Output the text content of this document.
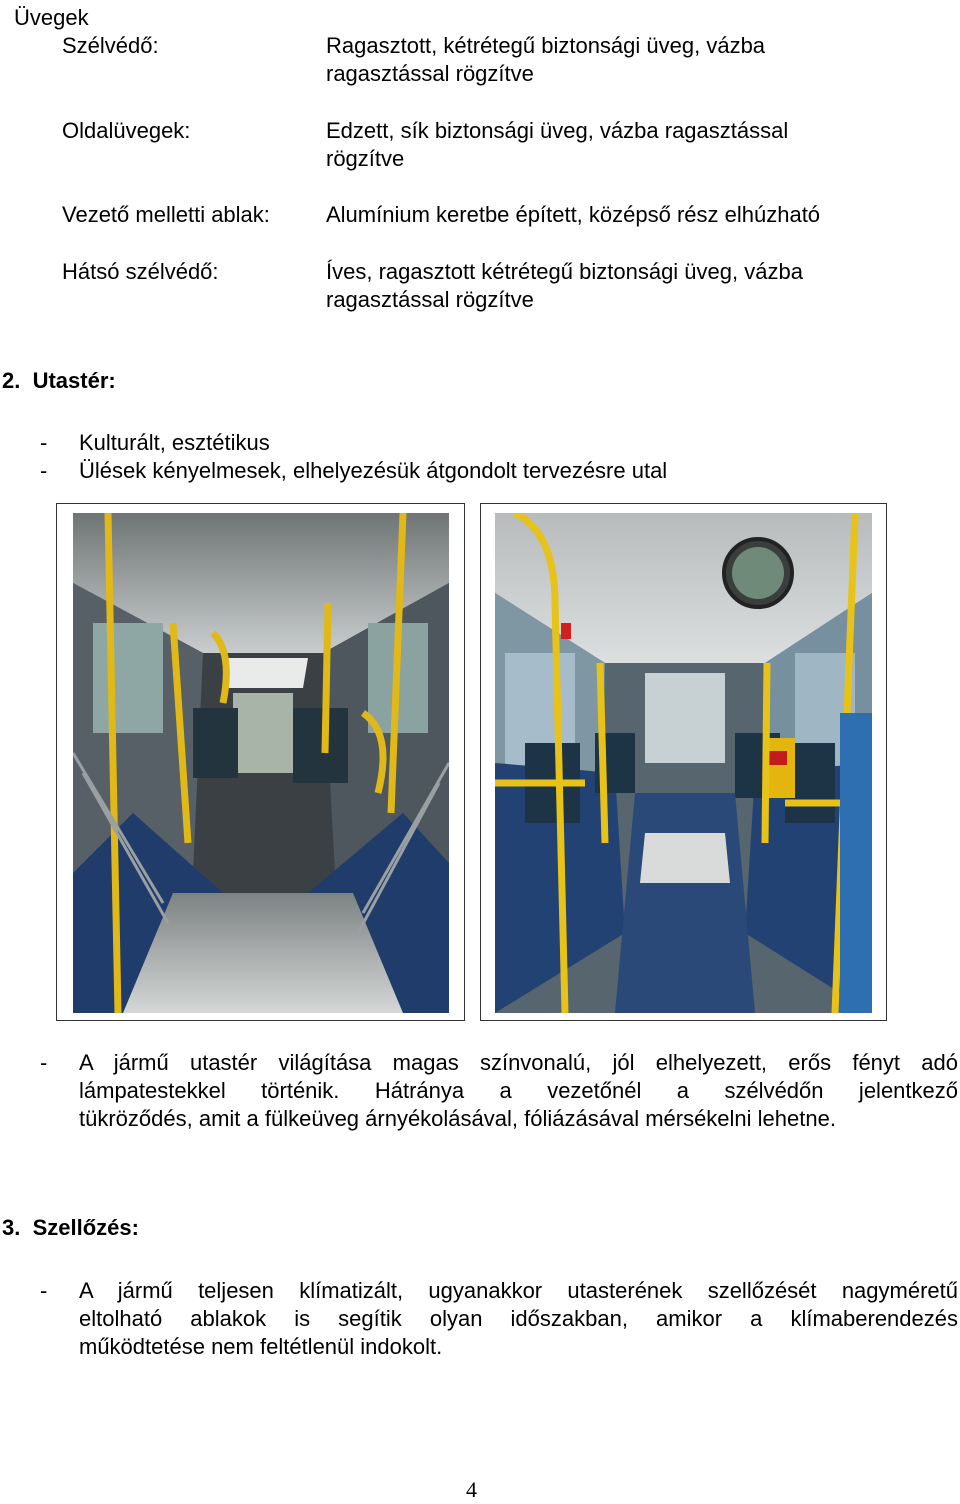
Üvegek
Szélvédő:	Ragasztott, kétrétegű biztonsági üveg, vázba
ragasztással rögzítve
Oldalüvegek:	Edzett, sík biztonsági üveg, vázba ragasztással
rögzítve
Vezető melletti ablak:	Alumínium keretbe épített, középső rész elhúzható
Hátsó szélvédő:	Íves, ragasztott kétrétegű biztonsági üveg, vázba
ragasztással rögzítve
2.  Utastér:
-	Kulturált, esztétikus
-	Ülések kényelmesek, elhelyezésük átgondolt tervezésre utal
-	A jármű utastér világítása magas színvonalú, jól elhelyezett, erős fényt adó
lámpatestekkel történik. Hátránya a vezetőnél a szélvédőn jelentkező
tükröződés, amit a fülkeüveg árnyékolásával, fóliázásával mérsékelni lehetne.
3.  Szellőzés:
-	A jármű teljesen klímatizált, ugyanakkor utasterének szellőzését nagyméretű
eltolható ablakok is segítik olyan időszakban, amikor a klímaberendezés
működtetése nem feltétlenül indokolt.
4
